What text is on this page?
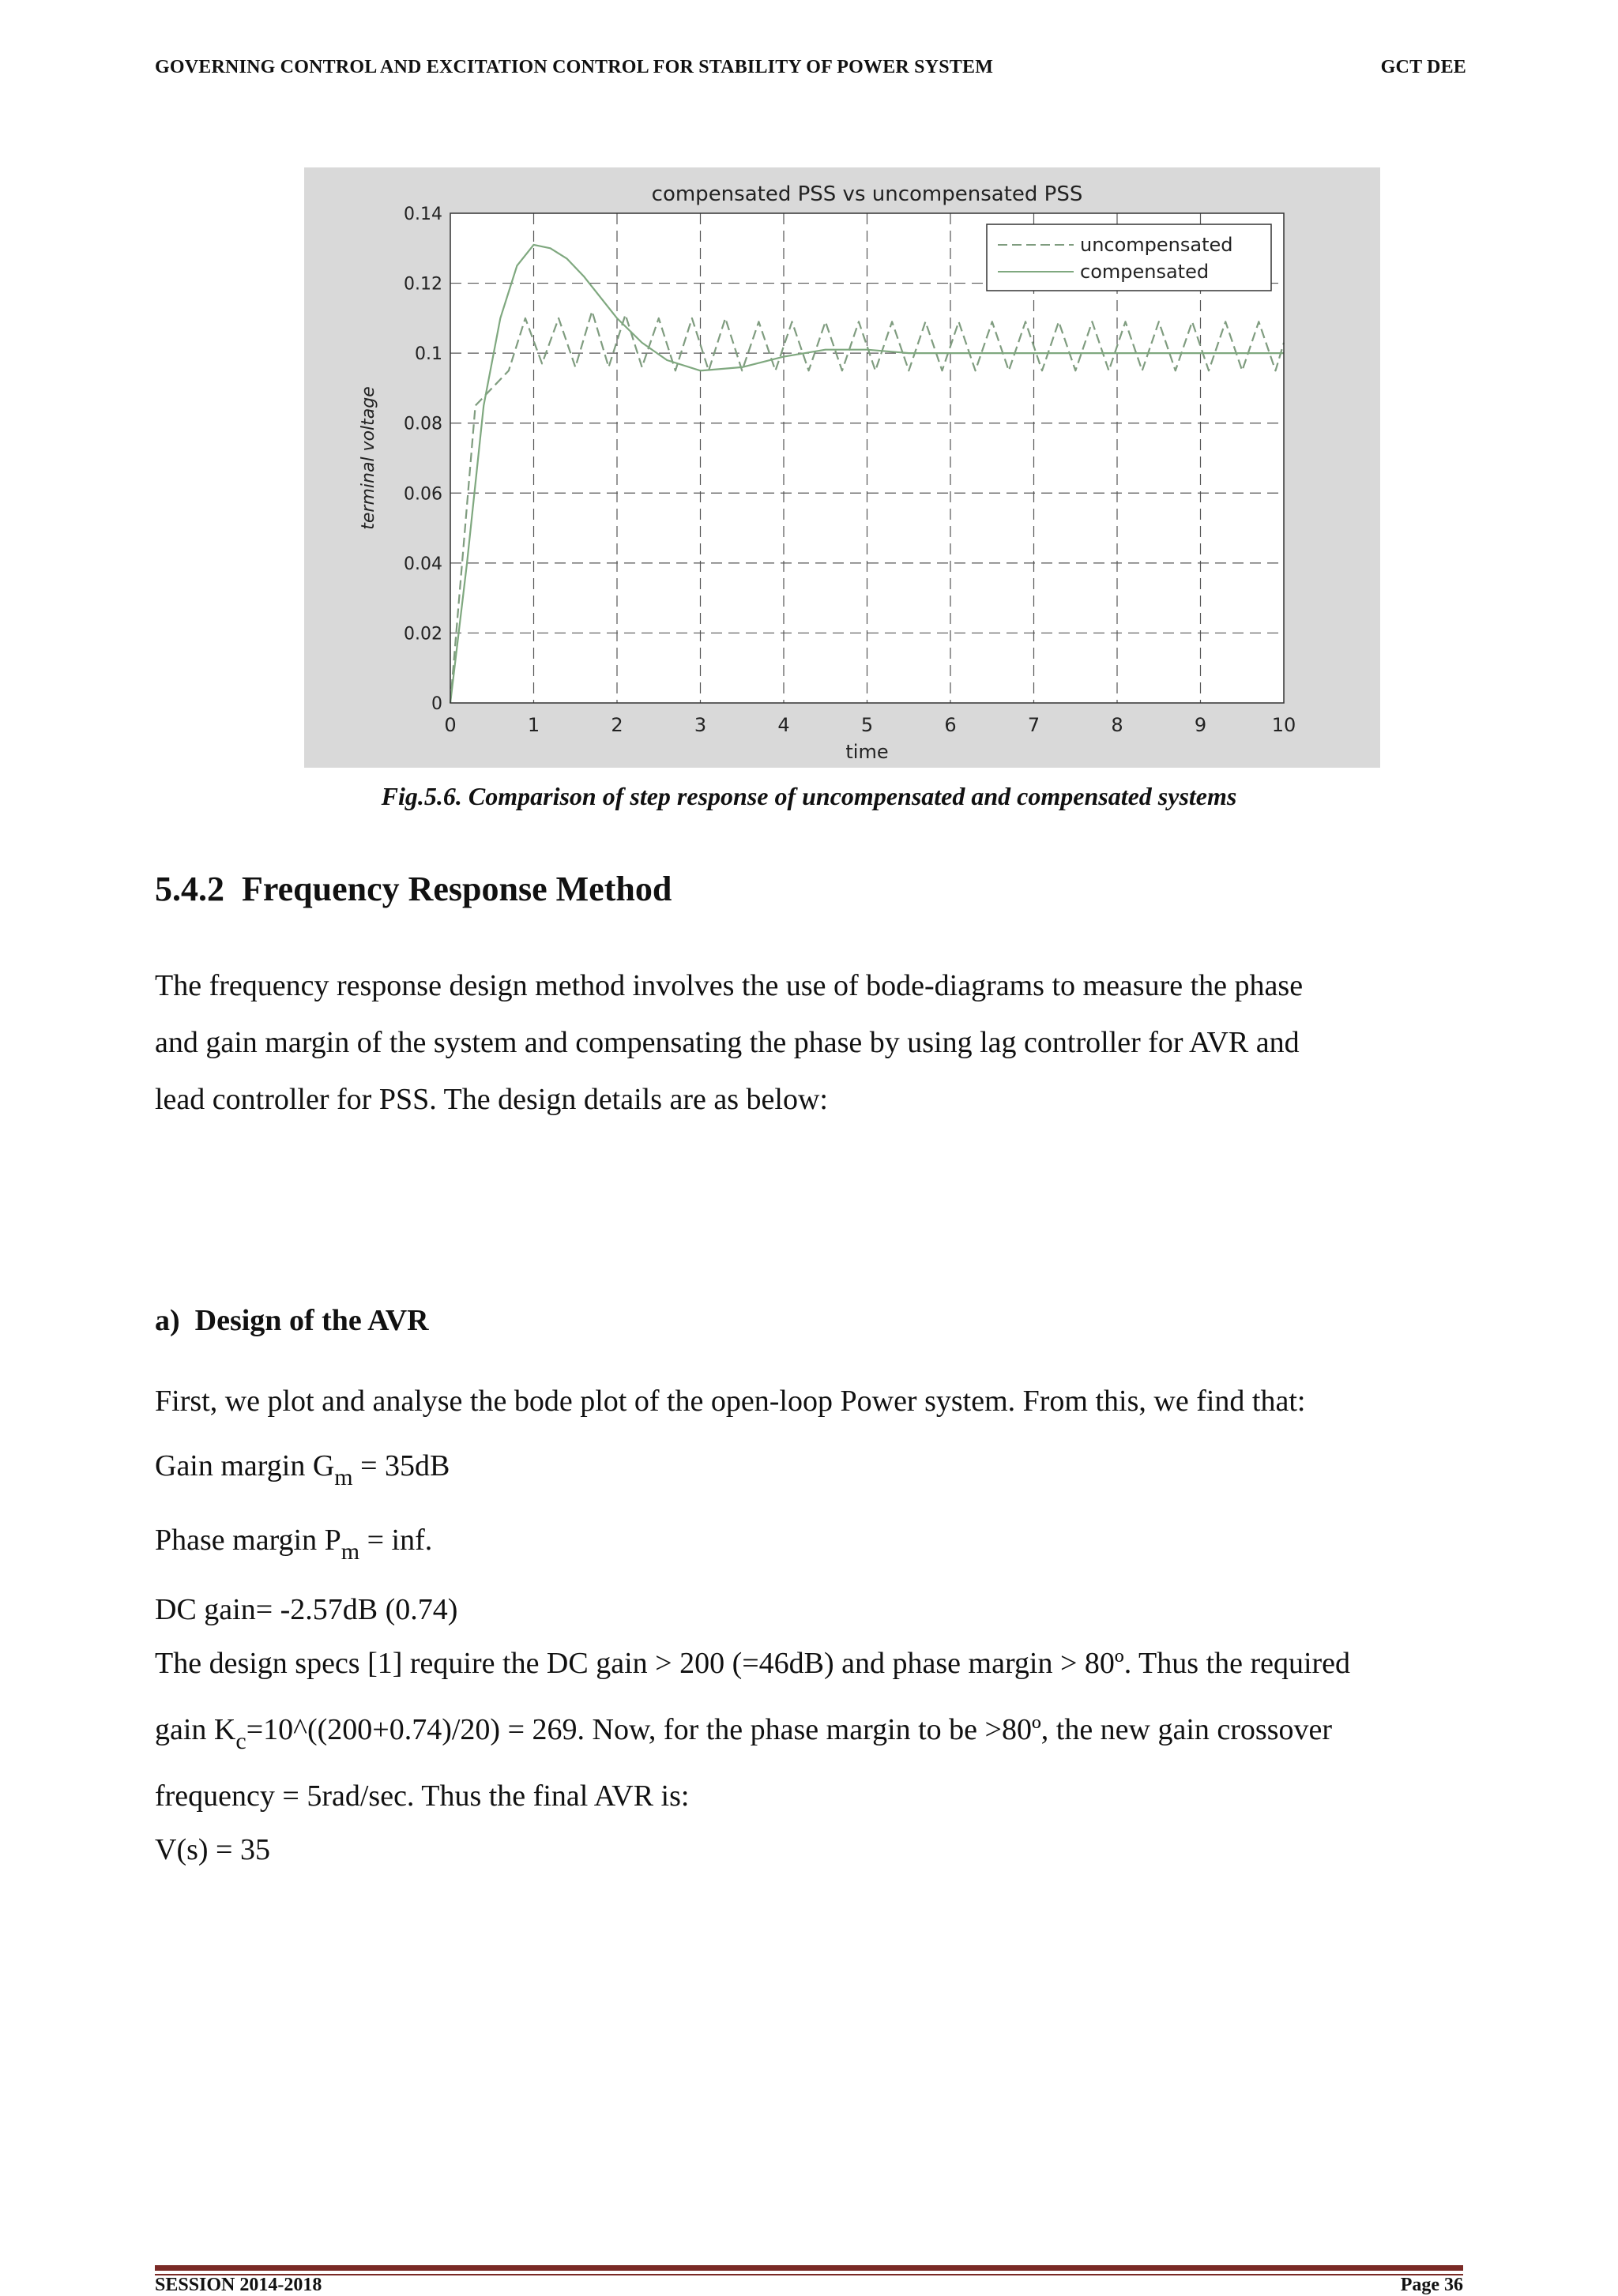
GOVERNING CONTROL AND EXCITATION CONTROL FOR STABILITY OF POWER SYSTEM	GCT DEE
0	1	2	3	4	5	6	7	8	9	10
0
0.02
0.04
0.06
0.08
0.1
0.12
0.14
compensated PSS vs uncompensated PSS
time
terminal voltage
uncompensated
compensated
Fig.5.6. Comparison of step response of uncompensated and compensated systems
5.4.2 Frequency Response Method
The frequency response design method involves the use of bode-diagrams to measure the phase
and gain margin of the system and compensating the phase by using lag controller for AVR and
lead controller for PSS. The design details are as below:
a) Design of the AVR
First, we plot and analyse the bode plot of the open-loop Power system. From this, we find that:
Gain margin $G_m = 35dB$
Phase margin $P_m$ = inf.
DC gain= -2.57dB (0.74)
The design specs [1] require the DC gain > 200 (=46dB) and phase margin > 80º. Thus the required
gain $K_c=10\^{}((200+0.74)/20) = 269$. Now, for the phase margin to be >80º, the new gain crossover
frequency = 5rad/sec. Thus the final AVR is:
V(s) = 35
SESSION 2014-2018	Page 36
